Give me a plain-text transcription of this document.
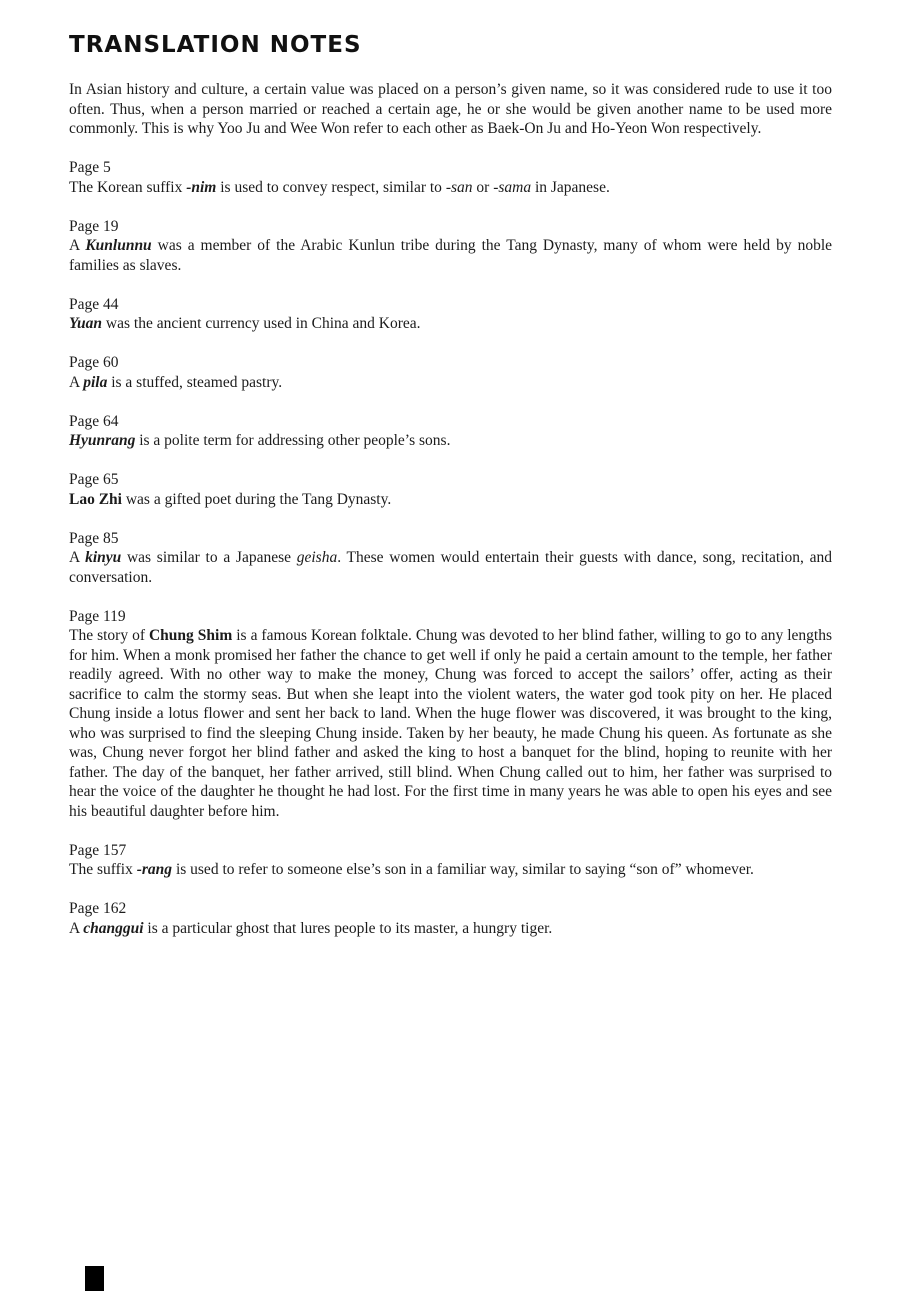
TRANSLATION NOTES

In Asian history and culture, a certain value was placed on a person’s given name, so it was considered rude to use it too often. Thus, when a person married or reached a certain age, he or she would be given another name to be used more commonly. This is why Yoo Ju and Wee Won refer to each other as Baek-On Ju and Ho-Yeon Won respectively.

Page 5

The Korean suffix -nim is used to convey respect, similar to -san or -sama in Japanese.

Page 19

A Kunlunnu was a member of the Arabic Kunlun tribe during the Tang Dynasty, many of whom were held by noble families as slaves.

Page 44

Yuan was the ancient currency used in China and Korea.

Page 60

A pila is a stuffed, steamed pastry.

Page 64

Hyunrang is a polite term for addressing other people’s sons.

Page 65

Lao Zhi was a gifted poet during the Tang Dynasty.

Page 85

A kinyu was similar to a Japanese geisha. These women would entertain their guests with dance, song, recitation, and conversation.

Page 119

The story of Chung Shim is a famous Korean folktale. Chung was devoted to her blind father, willing to go to any lengths for him. When a monk promised her father the chance to get well if only he paid a certain amount to the temple, her father readily agreed. With no other way to make the money, Chung was forced to accept the sailors’ offer, acting as their sacrifice to calm the stormy seas. But when she leapt into the violent waters, the water god took pity on her. He placed Chung inside a lotus flower and sent her back to land. When the huge flower was discovered, it was brought to the king, who was surprised to find the sleeping Chung inside. Taken by her beauty, he made Chung his queen. As fortunate as she was, Chung never forgot her blind father and asked the king to host a banquet for the blind, hoping to reunite with her father. The day of the banquet, her father arrived, still blind. When Chung called out to him, her father was surprised to hear the voice of the daughter he thought he had lost. For the first time in many years he was able to open his eyes and see his beautiful daughter before him.

Page 157

The suffix -rang is used to refer to someone else’s son in a familiar way, similar to saying “son of” whomever.

Page 162

A changgui is a particular ghost that lures people to its master, a hungry tiger.
